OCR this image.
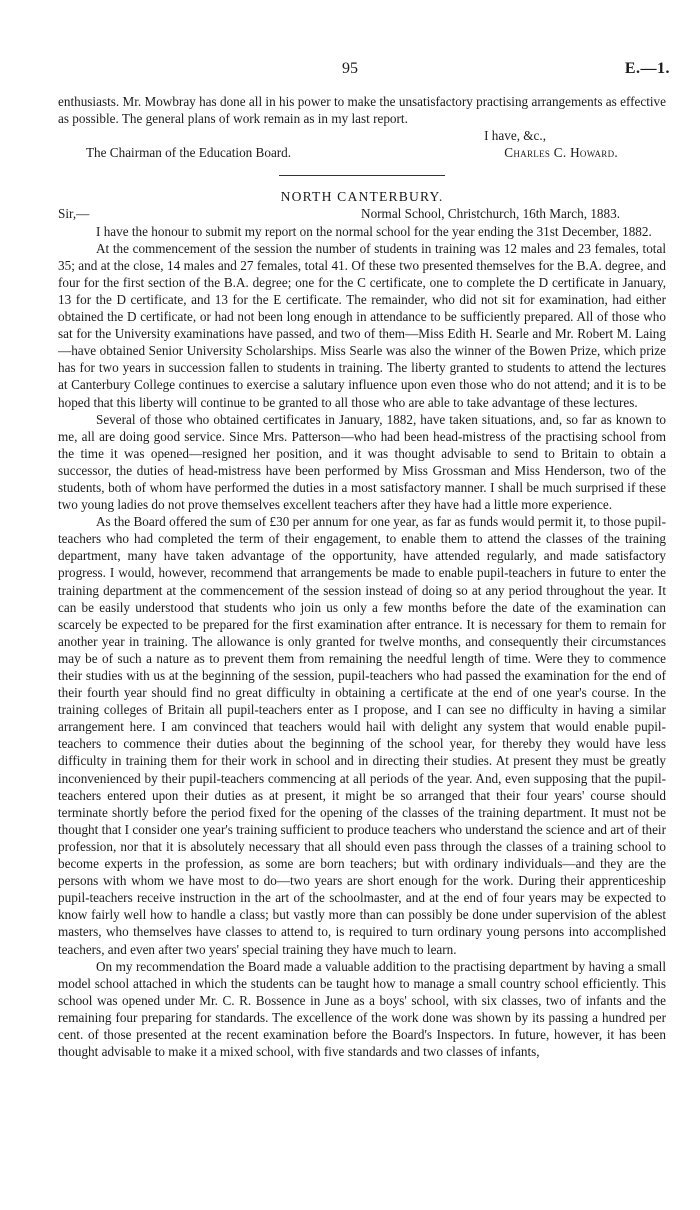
95	E.—1.

enthusiasts. Mr. Mowbray has done all in his power to make the unsatisfactory practising arrangements as effective as possible. The general plans of work remain as in my last report.

I have, &c.,

The Chairman of the Education Board.	Charles C. Howard.

NORTH CANTERBURY.

Sir,—	Normal School, Christchurch, 16th March, 1883.

I have the honour to submit my report on the normal school for the year ending the 31st December, 1882.

At the commencement of the session the number of students in training was 12 males and 23 females, total 35; and at the close, 14 males and 27 females, total 41. Of these two presented themselves for the B.A. degree, and four for the first section of the B.A. degree; one for the C certificate, one to complete the D certificate in January, 13 for the D certificate, and 13 for the E certificate. The remainder, who did not sit for examination, had either obtained the D certificate, or had not been long enough in attendance to be sufficiently prepared. All of those who sat for the University examinations have passed, and two of them—Miss Edith H. Searle and Mr. Robert M. Laing—have obtained Senior University Scholarships. Miss Searle was also the winner of the Bowen Prize, which prize has for two years in succession fallen to students in training. The liberty granted to students to attend the lectures at Canterbury College continues to exercise a salutary influence upon even those who do not attend; and it is to be hoped that this liberty will continue to be granted to all those who are able to take advantage of these lectures.

Several of those who obtained certificates in January, 1882, have taken situations, and, so far as known to me, all are doing good service. Since Mrs. Patterson—who had been head-mistress of the practising school from the time it was opened—resigned her position, and it was thought advisable to send to Britain to obtain a successor, the duties of head-mistress have been performed by Miss Grossman and Miss Henderson, two of the students, both of whom have performed the duties in a most satisfactory manner. I shall be much surprised if these two young ladies do not prove themselves excellent teachers after they have had a little more experience.

As the Board offered the sum of £30 per annum for one year, as far as funds would permit it, to those pupil-teachers who had completed the term of their engagement, to enable them to attend the classes of the training department, many have taken advantage of the opportunity, have attended regularly, and made satisfactory progress. I would, however, recommend that arrangements be made to enable pupil-teachers in future to enter the training department at the commencement of the session instead of doing so at any period throughout the year. It can be easily understood that students who join us only a few months before the date of the examination can scarcely be expected to be prepared for the first examination after entrance. It is necessary for them to remain for another year in training. The allowance is only granted for twelve months, and consequently their circumstances may be of such a nature as to prevent them from remaining the needful length of time. Were they to commence their studies with us at the beginning of the session, pupil-teachers who had passed the examination for the end of their fourth year should find no great difficulty in obtaining a certificate at the end of one year's course. In the training colleges of Britain all pupil-teachers enter as I propose, and I can see no difficulty in having a similar arrangement here. I am convinced that teachers would hail with delight any system that would enable pupil-teachers to commence their duties about the beginning of the school year, for thereby they would have less difficulty in training them for their work in school and in directing their studies. At present they must be greatly inconvenienced by their pupil-teachers commencing at all periods of the year. And, even supposing that the pupil-teachers entered upon their duties as at present, it might be so arranged that their four years' course should terminate shortly before the period fixed for the opening of the classes of the training department. It must not be thought that I consider one year's training sufficient to produce teachers who understand the science and art of their profession, nor that it is absolutely necessary that all should even pass through the classes of a training school to become experts in the profession, as some are born teachers; but with ordinary individuals—and they are the persons with whom we have most to do—two years are short enough for the work. During their apprenticeship pupil-teachers receive instruction in the art of the schoolmaster, and at the end of four years may be expected to know fairly well how to handle a class; but vastly more than can possibly be done under supervision of the ablest masters, who themselves have classes to attend to, is required to turn ordinary young persons into accomplished teachers, and even after two years' special training they have much to learn.

On my recommendation the Board made a valuable addition to the practising department by having a small model school attached in which the students can be taught how to manage a small country school efficiently. This school was opened under Mr. C. R. Bossence in June as a boys' school, with six classes, two of infants and the remaining four preparing for standards. The excellence of the work done was shown by its passing a hundred per cent. of those presented at the recent examination before the Board's Inspectors. In future, however, it has been thought advisable to make it a mixed school, with five standards and two classes of infants,
